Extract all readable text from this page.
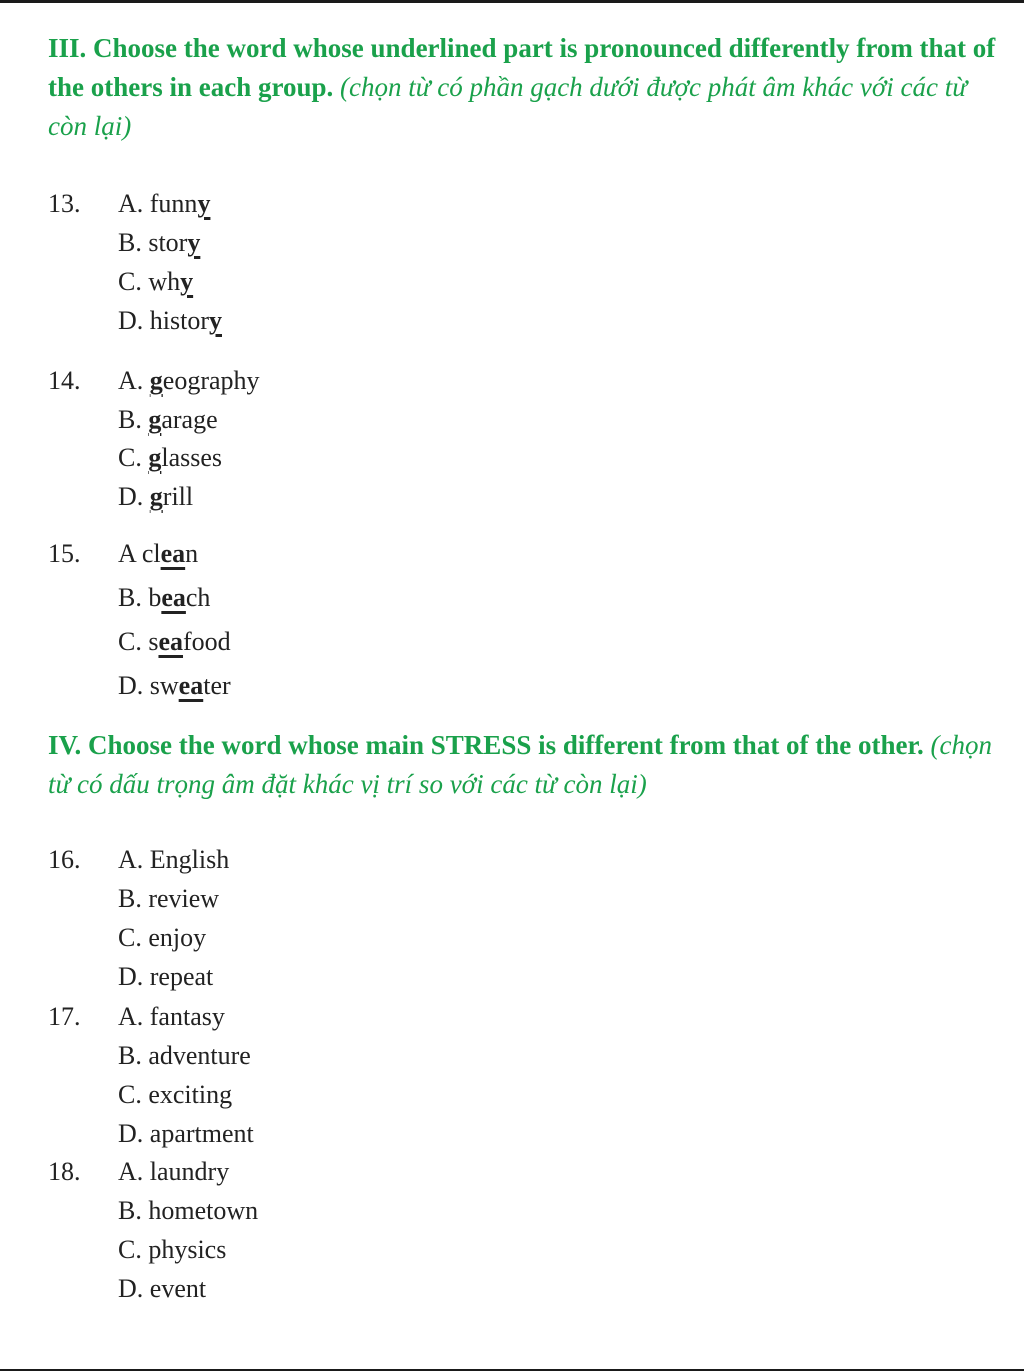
III. Choose the word whose underlined part is pronounced differently from that of the others in each group. (chọn từ có phần gạch dưới được phát âm khác với các từ còn lại)
13. A. funny
B. story
C. why
D. history
14. A. geography
B. garage
C. glasses
D. grill
15. A clean
B. beach
C. seafood
D. sweater
IV. Choose the word whose main STRESS is different from that of the other. (chọn từ có dấu trọng âm đặt khác vị trí so với các từ còn lại)
16. A. English
B. review
C. enjoy
D. repeat
17. A. fantasy
B. adventure
C. exciting
D. apartment
18. A. laundry
B. hometown
C. physics
D. event
